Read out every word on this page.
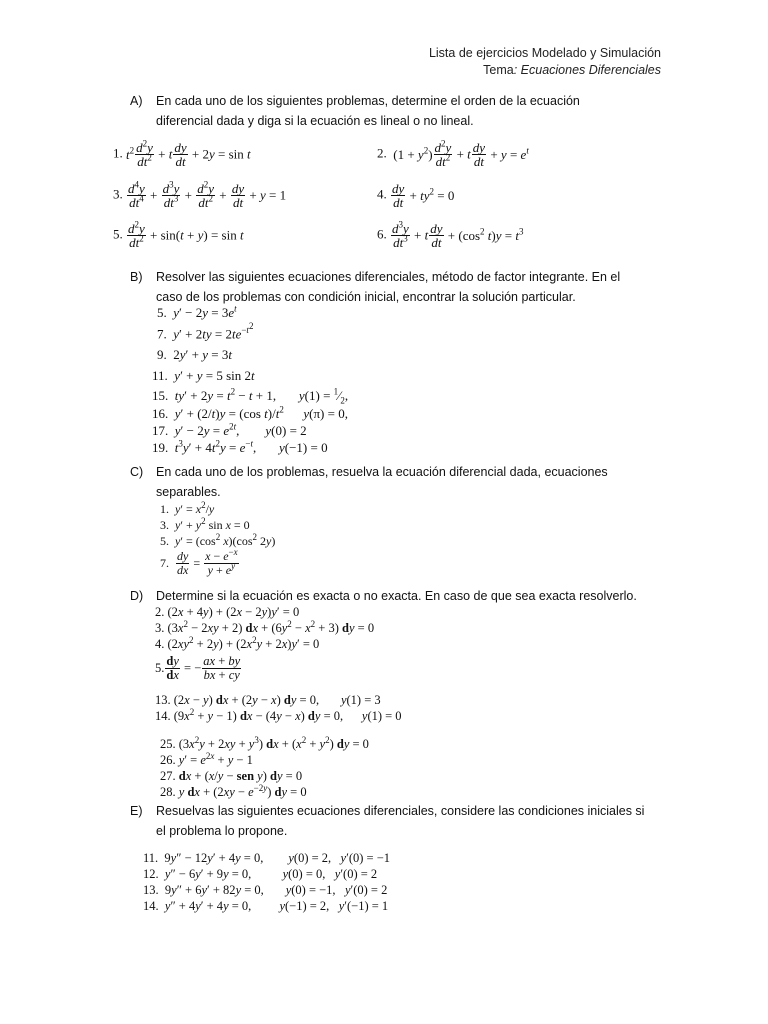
Lista de ejercicios Modelado y Simulación
Tema: Ecuaciones Diferenciales
A) En cada uno de los siguientes problemas, determine el orden de la ecuación diferencial dada y diga si la ecuación es lineal o no lineal.
1. $t^2 \frac{d^2y}{dt^2} + t \frac{dy}{dt} + 2y = \sin t$	2.  $(1 + y^2) \frac{d^2y}{dt^2} + t \frac{dy}{dt} + y = e^t$
3. $\frac{d^4y}{dt^4} + \frac{d^3y}{dt^3} + \frac{d^2y}{dt^2} + \frac{dy}{dt} + y = 1$	4. $\frac{dy}{dt} + ty^2 = 0$
5. $\frac{d^2y}{dt^2} + \sin(t + y) = \sin t$	6. $\frac{d^3y}{dt^3} + t \frac{dy}{dt} + (\cos^2$ $t)y = t^3$
B) Resolver las siguientes ecuaciones diferenciales, método de factor integrante. En el caso de los problemas con condición inicial, encontrar la solución particular.
5. $y' - 2y = 3e^t$
7. $y' + 2ty = 2te^{-t^2}$
9.  2y′ + y = 3t
11. y′ + y = 5 sin 2t
15. $ty' + 2y = t^2 - t + 1$,       $y(1) = ^1⁄_2$,
16. y′ + (2/t)y = (cos $t)/t^2$ y(π) = 0,
17. $y' - 2y = e^{2t}$,        y(0) = 2
19. $t^3y' + 4t^2y = e^{-t}$,       y(−1) = 0
C) En cada uno de los problemas, resuelva la ecuación diferencial dada, ecuaciones separables.
1. $y' = x^2/y$
3. $y' + y^2$ sin x = 0
5. $y' = (\cos^2$ $x)(\cos^2$ 2y)
7. $\frac{dy}{dx} = \frac{x - e^{-x}}{y + e^y}$
D) Determine si la ecuación es exacta o no exacta. En caso de que sea exacta resolverlo.
2. (2x + 4y) + (2x − 2y)y′ = 0
3. $(3x^2 - 2xy + 2)$ dx + $(6y^2 - x^2 + 3)$ dy = 0
4. $(2xy^2 + 2y) + (2x^2y + 2x)y' = 0$
5. $\frac{dy}{dx}$ = − $\frac{ax + by}{bx + cy}$
13. (2x − y) dx + (2y − x) dy = 0,       y(1) = 3
14. $(9x^2 + y - 1)$ dx − (4y − x) dy = 0,      y(1) = 0
25. $(3x^2y + 2xy + y^3)$ dx + $(x^2 + y^2)$ dy = 0
26. $y' = e^{2x} + y - 1$
27. dx + (x/y − sen y) dy = 0
28. y dx + $(2xy - e^{-2y})$ dy = 0
E) Resuelvas las siguientes ecuaciones diferenciales, considere las condiciones iniciales si el problema lo propone.
11.  9y″ − 12y′ + 4y = 0,        y(0) = 2,   y′(0) = −1
12. y″ − 6y′ + 9y = 0,          y(0) = 0,   y′(0) = 2
13.  9y″ + 6y′ + 82y = 0,       y(0) = −1,   y′(0) = 2
14. y″ + 4y′ + 4y = 0,         y(−1) = 2,   y′(−1) = 1
